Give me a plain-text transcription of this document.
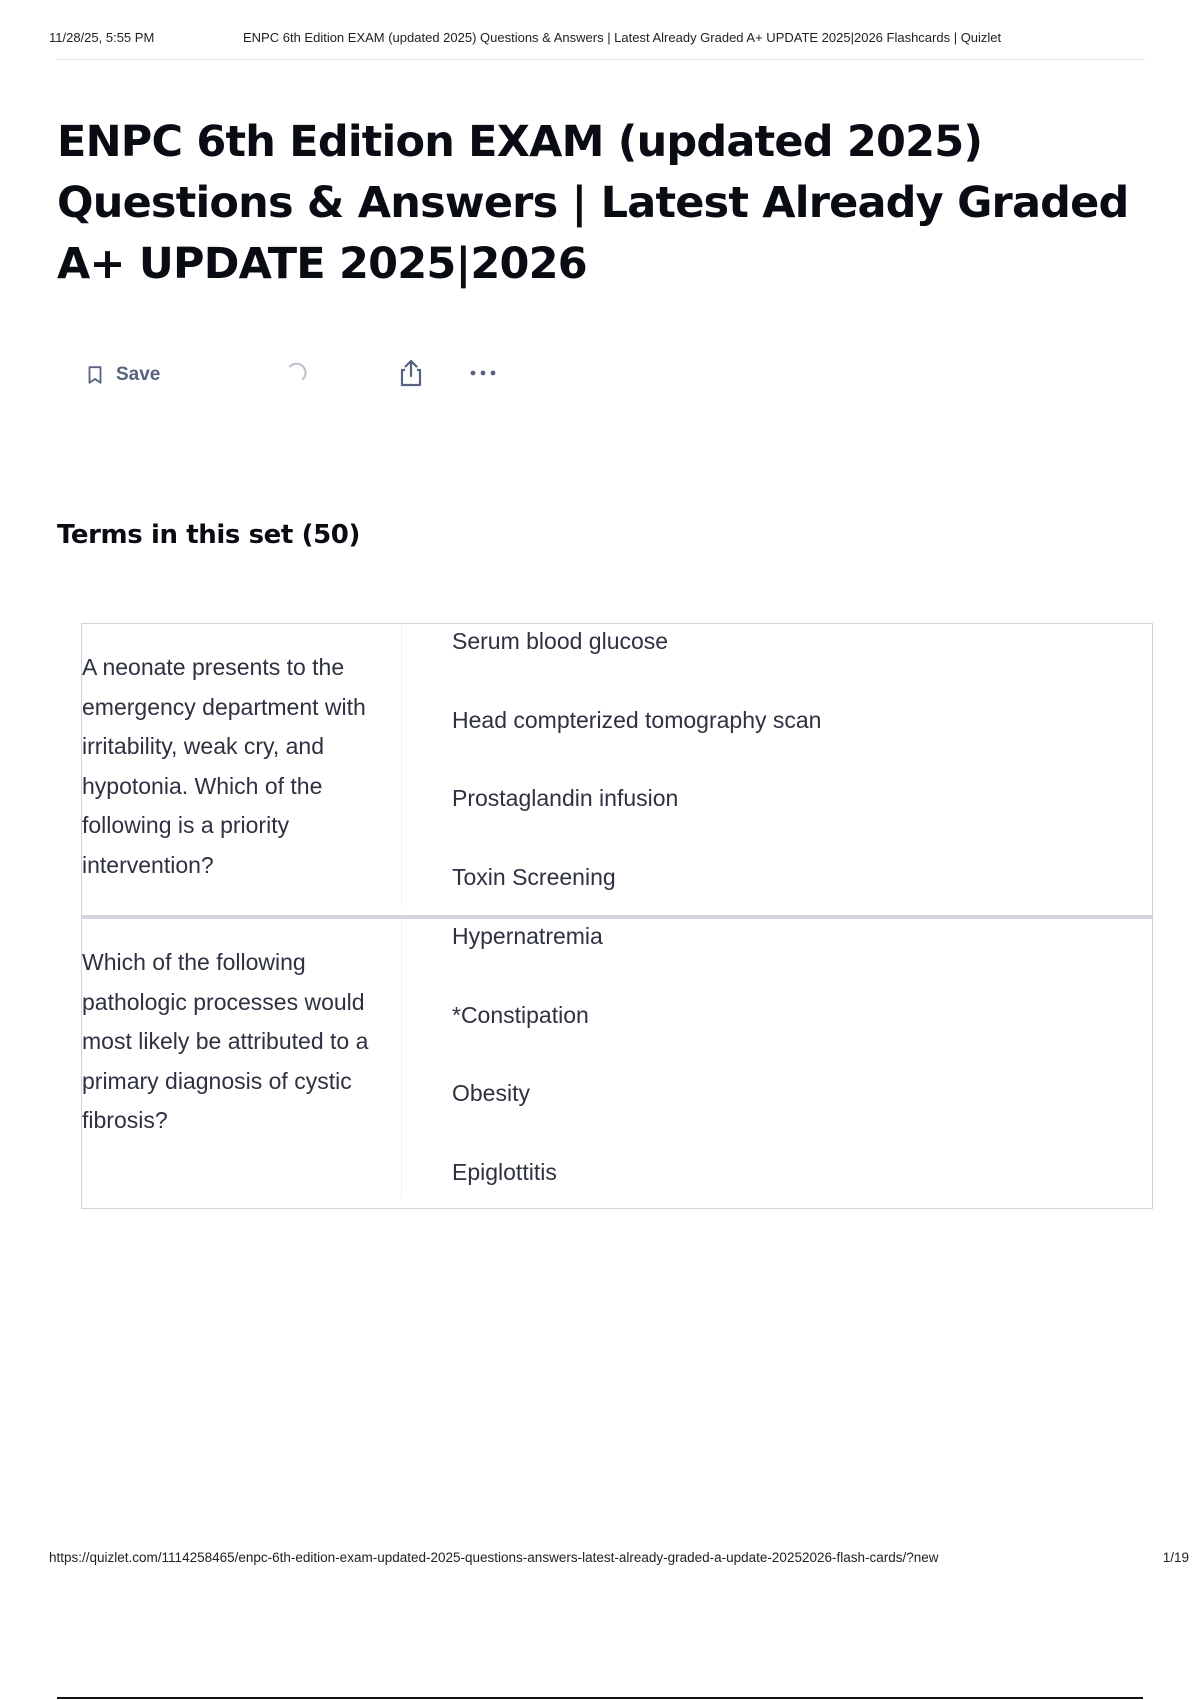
11/28/25, 5:55 PM	ENPC 6th Edition EXAM (updated 2025) Questions & Answers | Latest Already Graded A+ UPDATE 2025|2026 Flashcards | Quizlet
ENPC 6th Edition EXAM (updated 2025) Questions & Answers | Latest Already Graded A+ UPDATE 2025|2026
Save
Terms in this set (50)
A neonate presents to the emergency department with irritability, weak cry, and hypotonia. Which of the following is a priority intervention?
Serum blood glucose
Head compterized tomography scan
Prostaglandin infusion
Toxin Screening
Which of the following pathologic processes would most likely be attributed to a primary diagnosis of cystic fibrosis?
Hypernatremia
*Constipation
Obesity
Epiglottitis
https://quizlet.com/1114258465/enpc-6th-edition-exam-updated-2025-questions-answers-latest-already-graded-a-update-20252026-flash-cards/?new	1/19
